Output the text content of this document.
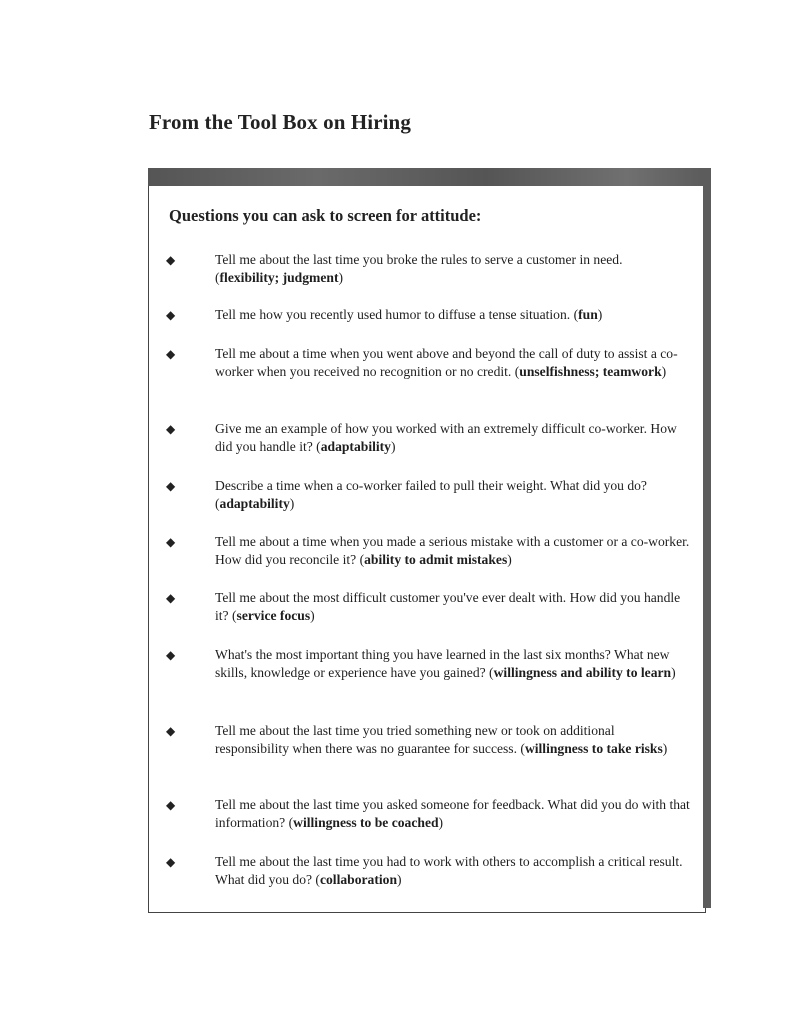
From the Tool Box on Hiring
Questions you can ask to screen for attitude:
◆	Tell me about the last time you broke the rules to serve a customer in need. (flexibility; judgment)
◆	Tell me how you recently used humor to diffuse a tense situation. (fun)
◆	Tell me about a time when you went above and beyond the call of duty to assist a co-worker when you received no recognition or no credit. (unselfishness; teamwork)
◆	Give me an example of how you worked with an extremely difficult co-worker. How did you handle it? (adaptability)
◆	Describe a time when a co-worker failed to pull their weight. What did you do? (adaptability)
◆	Tell me about a time when you made a serious mistake with a customer or a co-worker. How did you reconcile it? (ability to admit mistakes)
◆	Tell me about the most difficult customer you've ever dealt with. How did you handle it? (service focus)
◆	What's the most important thing you have learned in the last six months? What new skills, knowledge or experience have you gained? (willingness and ability to learn)
◆	Tell me about the last time you tried something new or took on additional responsibility when there was no guarantee for success. (willingness to take risks)
◆	Tell me about the last time you asked someone for feedback. What did you do with that information? (willingness to be coached)
◆	Tell me about the last time you had to work with others to accomplish a critical result. What did you do? (collaboration)
